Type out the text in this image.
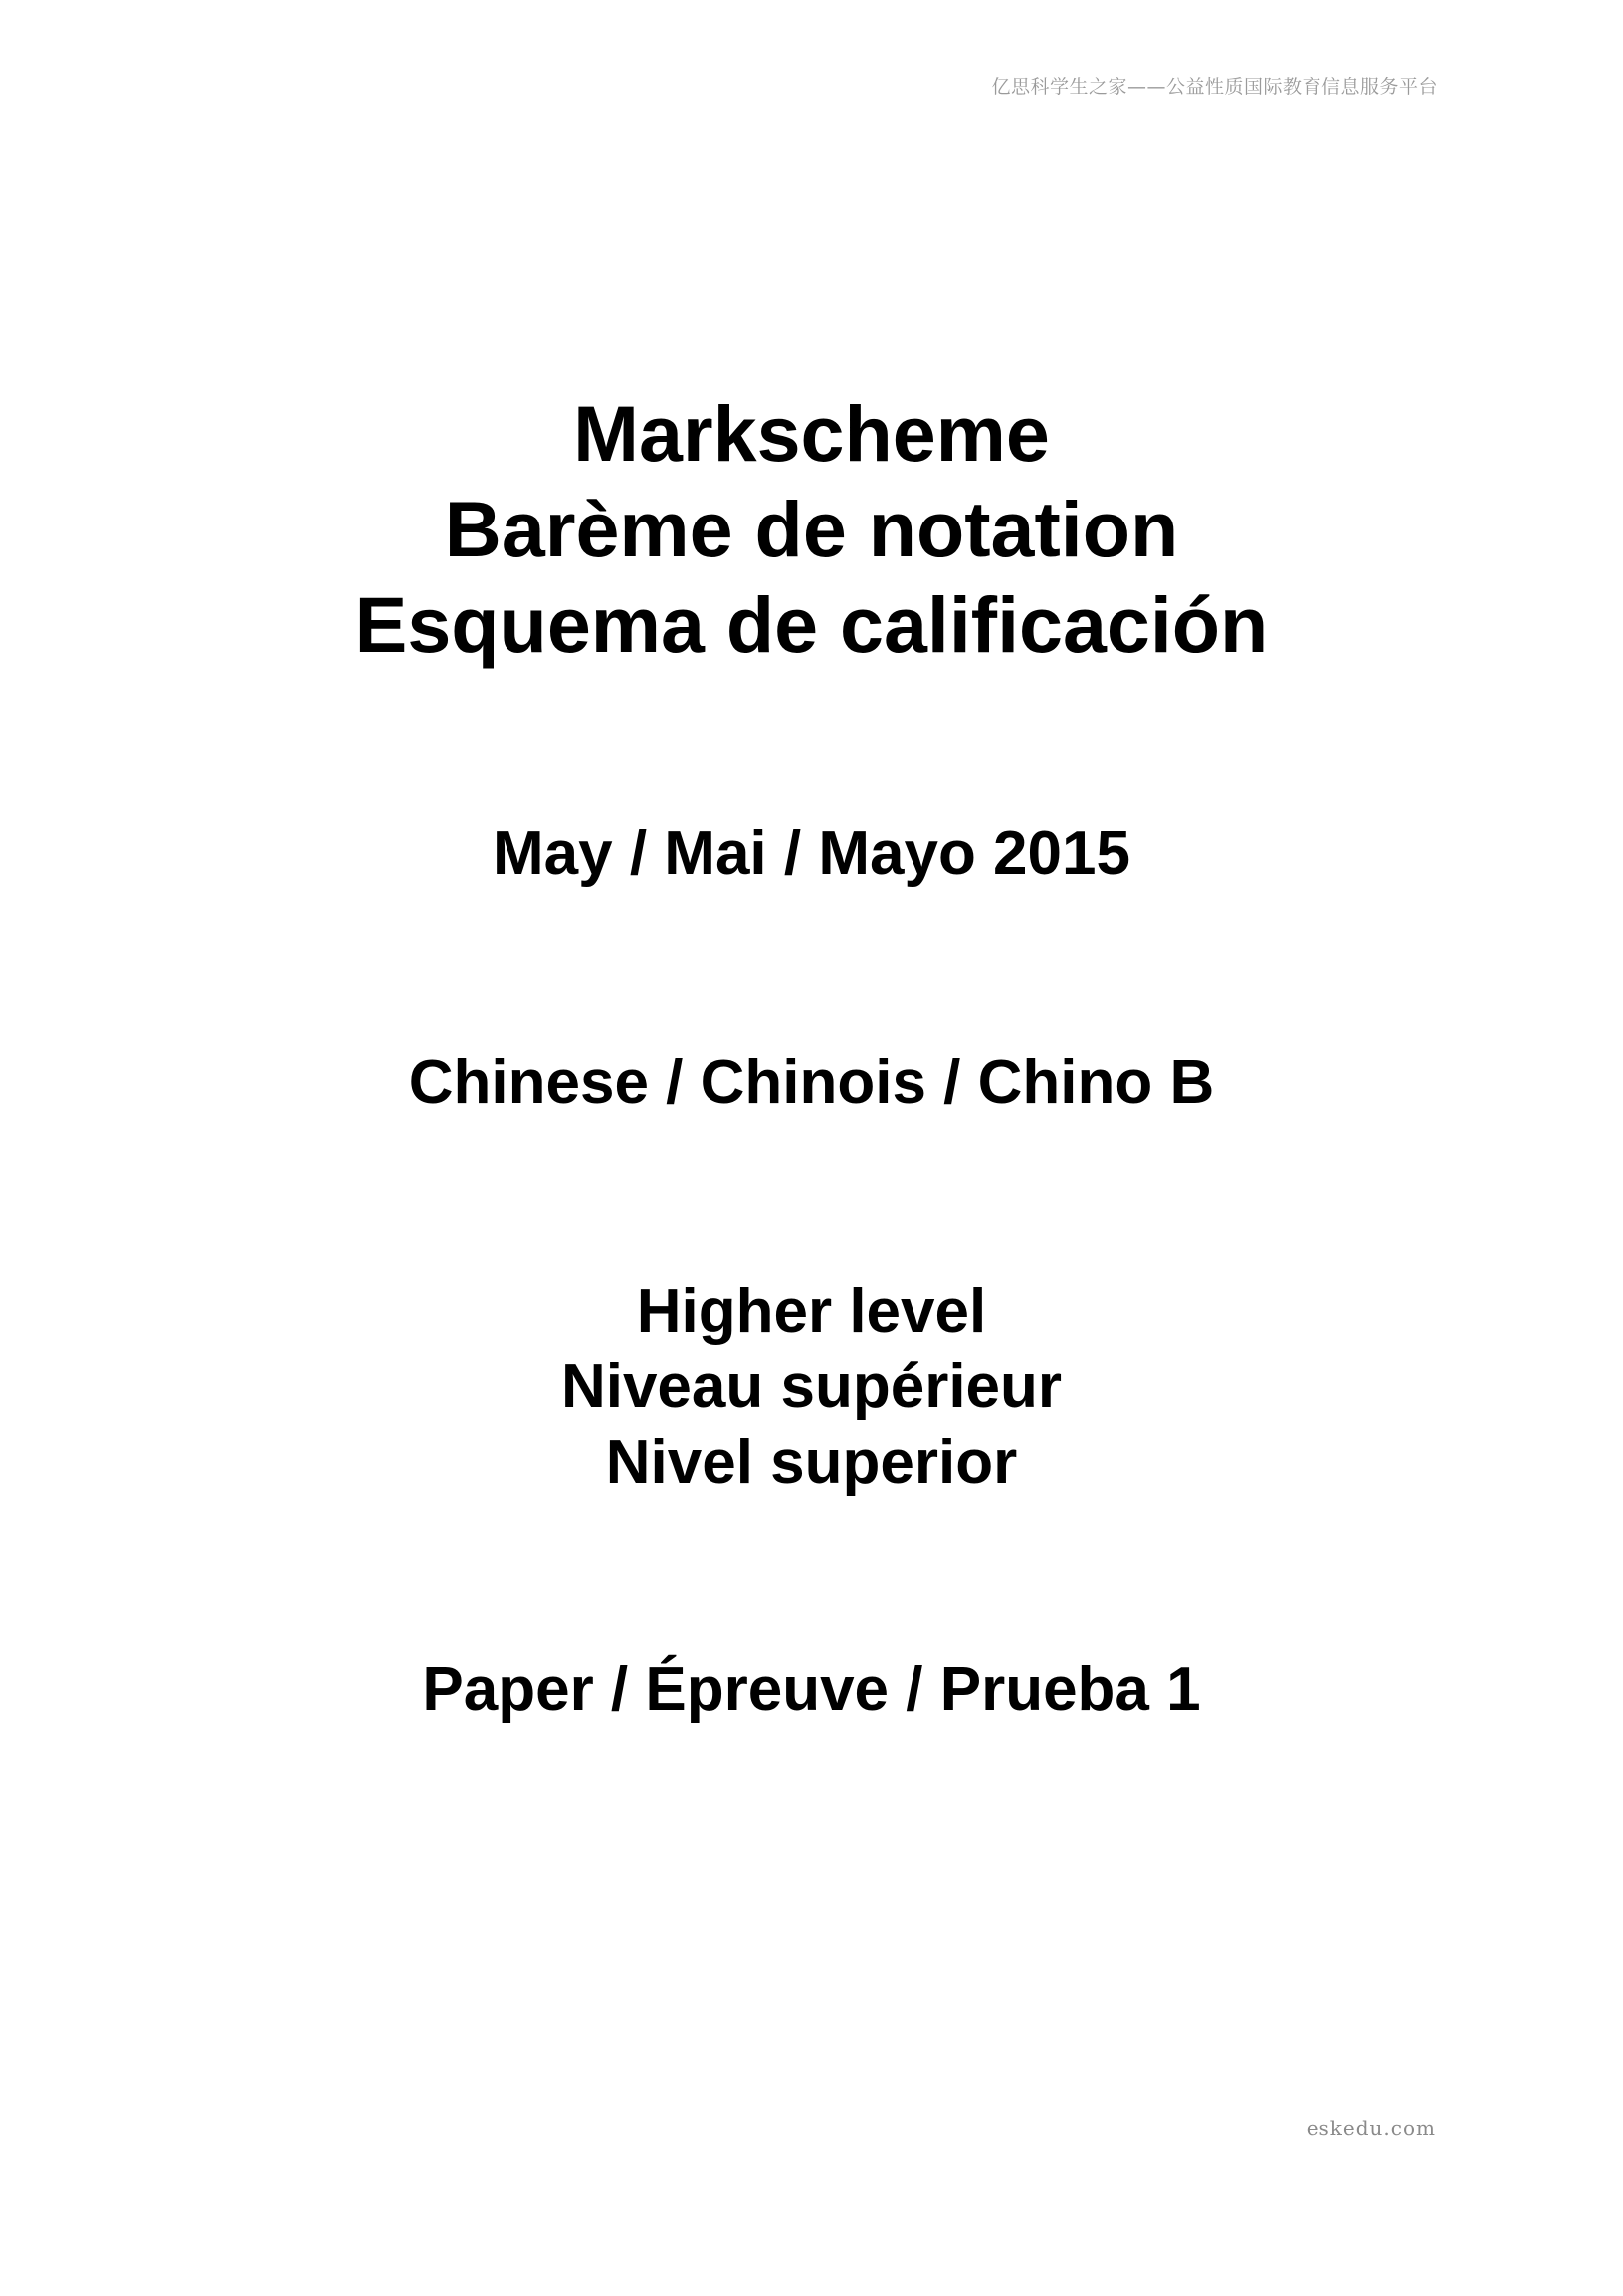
亿思科学生之家——公益性质国际教育信息服务平台
Markscheme
Barème de notation
Esquema de calificación
May / Mai / Mayo 2015
Chinese / Chinois / Chino B
Higher level
Niveau supérieur
Nivel superior
Paper / Épreuve / Prueba 1
eskedu.com
